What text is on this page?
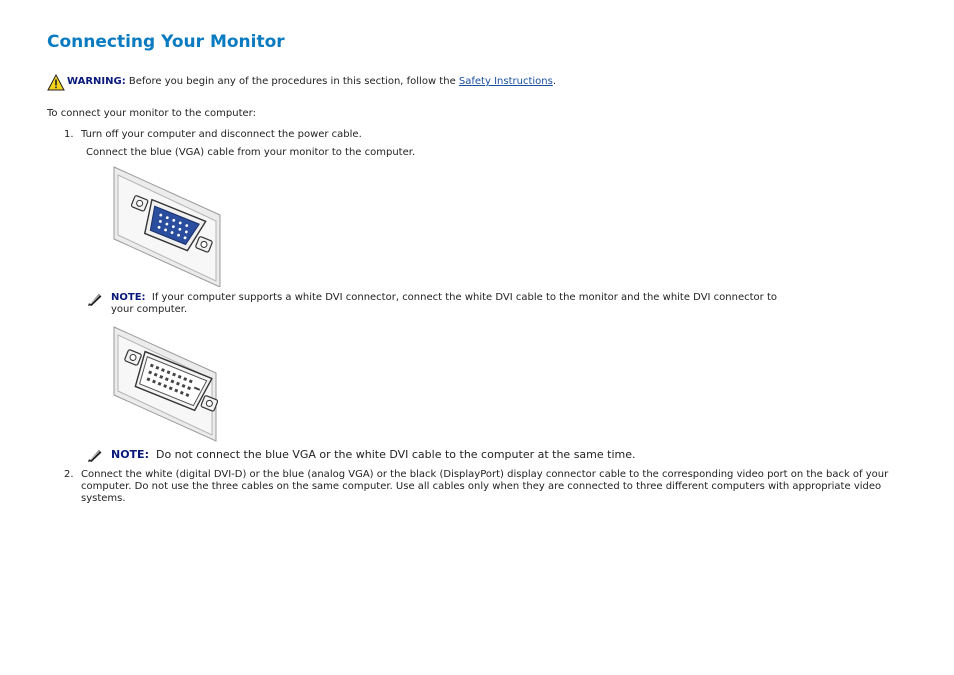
Connecting Your Monitor
WARNING: Before you begin any of the procedures in this section, follow the Safety Instructions.
To connect your monitor to the computer:
1. Turn off your computer and disconnect the power cable.
Connect the blue (VGA) cable from your monitor to the computer.
NOTE: If your computer supports a white DVI connector, connect the white DVI cable to the monitor and the white DVI connector to
your computer.
NOTE: Do not connect the blue VGA or the white DVI cable to the computer at the same time.
2. Connect the white (digital DVI-D) or the blue (analog VGA) or the black (DisplayPort) display connector cable to the corresponding video port on the back of your
computer. Do not use the three cables on the same computer. Use all cables only when they are connected to three different computers with appropriate video
systems.
